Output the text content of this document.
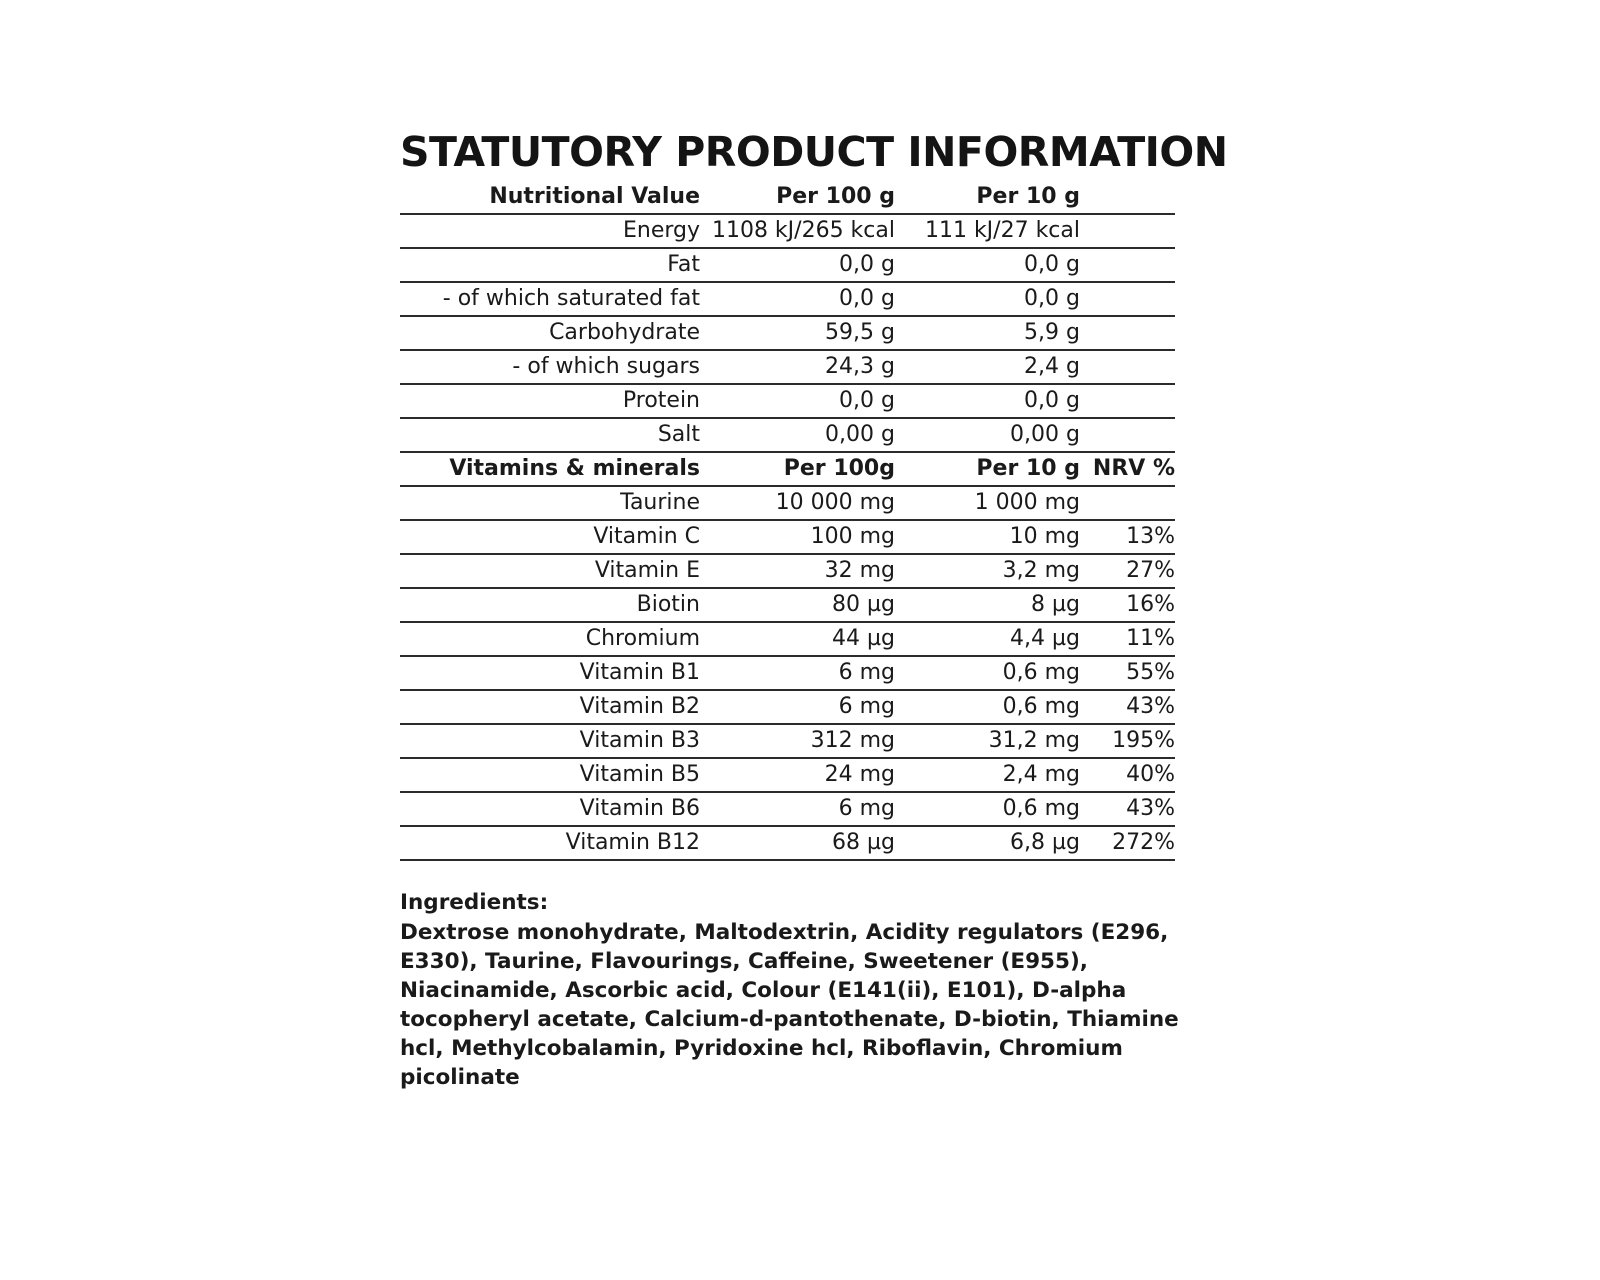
STATUTORY PRODUCT INFORMATION
Nutritional Value	Per 100 g	Per 10 g	
Energy	1108 kJ/265 kcal	111 kJ/27 kcal	
Fat	0,0 g	0,0 g	
- of which saturated fat	0,0 g	0,0 g	
Carbohydrate	59,5 g	5,9 g	
- of which sugars	24,3 g	2,4 g	
Protein	0,0 g	0,0 g	
Salt	0,00 g	0,00 g	
Vitamins & minerals	Per 100g	Per 10 g	NRV %
Taurine	10 000 mg	1 000 mg	
Vitamin C	100 mg	10 mg	13%
Vitamin E	32 mg	3,2 mg	27%
Biotin	80 µg	8 µg	16%
Chromium	44 µg	4,4 µg	11%
Vitamin B1	6 mg	0,6 mg	55%
Vitamin B2	6 mg	0,6 mg	43%
Vitamin B3	312 mg	31,2 mg	195%
Vitamin B5	24 mg	2,4 mg	40%
Vitamin B6	6 mg	0,6 mg	43%
Vitamin B12	68 µg	6,8 µg	272%
Ingredients:
Dextrose monohydrate, Maltodextrin, Acidity regulators (E296, E330), Taurine, Flavourings, Caffeine, Sweetener (E955), Niacinamide, Ascorbic acid, Colour (E141(ii), E101), D-alpha tocopheryl acetate, Calcium-d-pantothenate, D-biotin, Thiamine hcl, Methylcobalamin, Pyridoxine hcl, Riboflavin, Chromium picolinate
